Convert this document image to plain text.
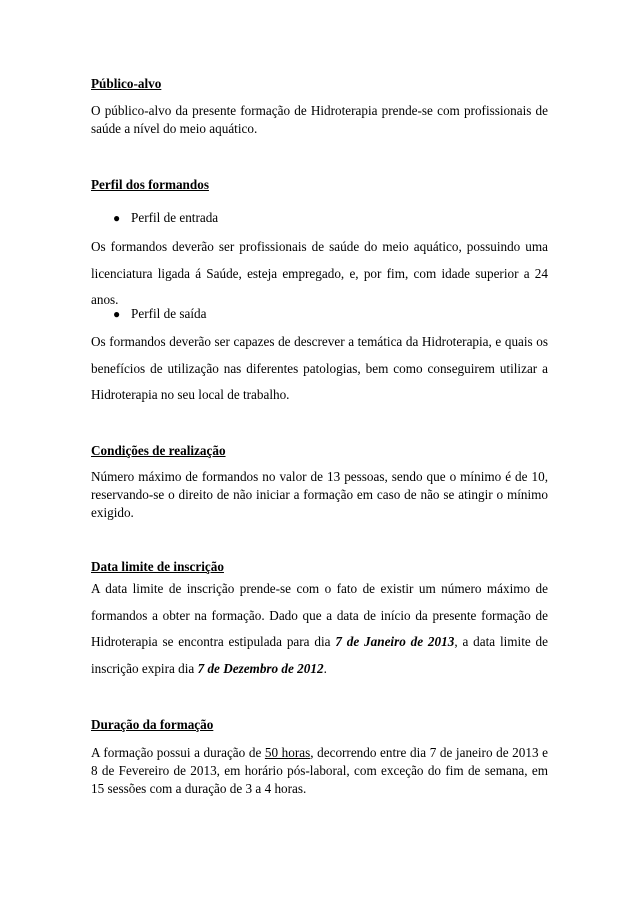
Público-alvo
O público-alvo da presente formação de Hidroterapia prende-se com profissionais de saúde a nível do meio aquático.
Perfil dos formandos
● Perfil de entrada
Os formandos deverão ser profissionais de saúde do meio aquático, possuindo uma licenciatura ligada á Saúde, esteja empregado, e, por fim, com idade superior a 24 anos.
● Perfil de saída
Os formandos deverão ser capazes de descrever a temática da Hidroterapia, e quais os benefícios de utilização nas diferentes patologias, bem como conseguirem utilizar a Hidroterapia no seu local de trabalho.
Condições de realização
Número máximo de formandos no valor de 13 pessoas, sendo que o mínimo é de 10, reservando-se o direito de não iniciar a formação em caso de não se atingir o mínimo exigido.
Data limite de inscrição
A data limite de inscrição prende-se com o fato de existir um número máximo de formandos a obter na formação. Dado que a data de início da presente formação de Hidroterapia se encontra estipulada para dia 7 de Janeiro de 2013, a data limite de inscrição expira dia 7 de Dezembro de 2012.
Duração da formação
A formação possui a duração de 50 horas, decorrendo entre dia 7 de janeiro de 2013 e 8 de Fevereiro de 2013, em horário pós-laboral, com exceção do fim de semana, em 15 sessões com a duração de 3 a 4 horas.
